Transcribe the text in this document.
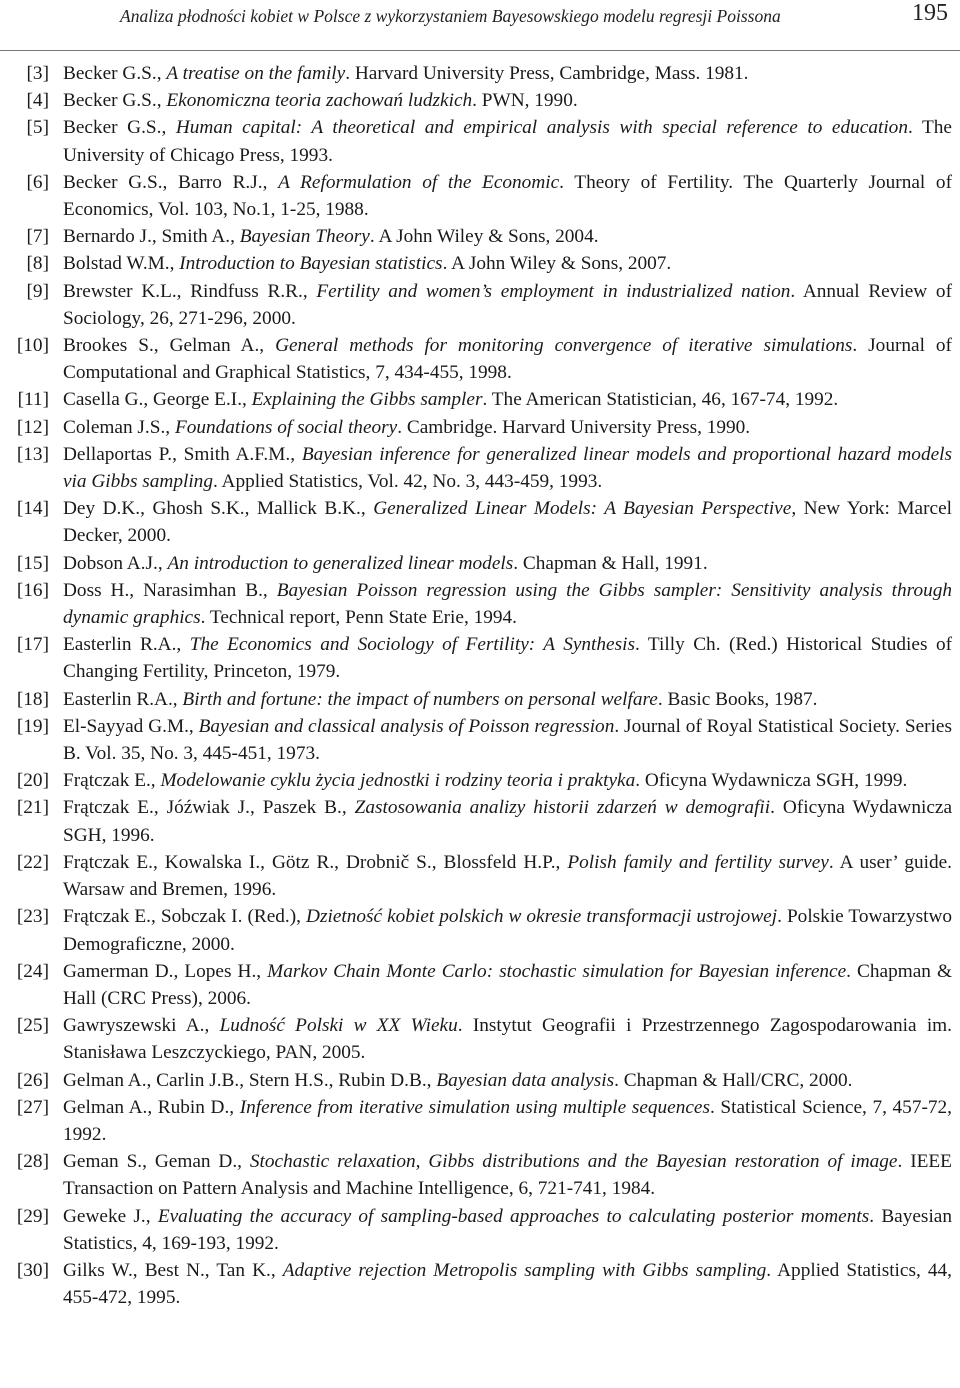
Analiza płodności kobiet w Polsce z wykorzystaniem Bayesowskiego modelu regresji Poissona	195
[3] Becker G.S., A treatise on the family. Harvard University Press, Cambridge, Mass. 1981.
[4] Becker G.S., Ekonomiczna teoria zachowań ludzkich. PWN, 1990.
[5] Becker G.S., Human capital: A theoretical and empirical analysis with special reference to education. The University of Chicago Press, 1993.
[6] Becker G.S., Barro R.J., A Reformulation of the Economic. Theory of Fertility. The Quarterly Journal of Economics, Vol. 103, No.1, 1-25, 1988.
[7] Bernardo J., Smith A., Bayesian Theory. A John Wiley & Sons, 2004.
[8] Bolstad W.M., Introduction to Bayesian statistics. A John Wiley & Sons, 2007.
[9] Brewster K.L., Rindfuss R.R., Fertility and women’s employment in industrialized nation. Annual Review of Sociology, 26, 271-296, 2000.
[10] Brookes S., Gelman A., General methods for monitoring convergence of iterative simulations. Journal of Computational and Graphical Statistics, 7, 434-455, 1998.
[11] Casella G., George E.I., Explaining the Gibbs sampler. The American Statistician, 46, 167-74, 1992.
[12] Coleman J.S., Foundations of social theory. Cambridge. Harvard University Press, 1990.
[13] Dellaportas P., Smith A.F.M., Bayesian inference for generalized linear models and proportional hazard models via Gibbs sampling. Applied Statistics, Vol. 42, No. 3, 443-459, 1993.
[14] Dey D.K., Ghosh S.K., Mallick B.K., Generalized Linear Models: A Bayesian Perspective, New York: Marcel Decker, 2000.
[15] Dobson A.J., An introduction to generalized linear models. Chapman & Hall, 1991.
[16] Doss H., Narasimhan B., Bayesian Poisson regression using the Gibbs sampler: Sensitivity analysis through dynamic graphics. Technical report, Penn State Erie, 1994.
[17] Easterlin R.A., The Economics and Sociology of Fertility: A Synthesis. Tilly Ch. (Red.) Historical Studies of Changing Fertility, Princeton, 1979.
[18] Easterlin R.A., Birth and fortune: the impact of numbers on personal welfare. Basic Books, 1987.
[19] El-Sayyad G.M., Bayesian and classical analysis of Poisson regression. Journal of Royal Statistical Society. Series B. Vol. 35, No. 3, 445-451, 1973.
[20] Frątczak E., Modelowanie cyklu życia jednostki i rodziny teoria i praktyka. Oficyna Wydawnicza SGH, 1999.
[21] Frątczak E., Jóźwiak J., Paszek B., Zastosowania analizy historii zdarzeń w demografii. Oficyna Wydawnicza SGH, 1996.
[22] Frątczak E., Kowalska I., Götz R., Drobnič S., Blossfeld H.P., Polish family and fertility survey. A user’ guide. Warsaw and Bremen, 1996.
[23] Frątczak E., Sobczak I. (Red.), Dzietność kobiet polskich w okresie transformacji ustrojowej. Polskie Towarzystwo Demograficzne, 2000.
[24] Gamerman D., Lopes H., Markov Chain Monte Carlo: stochastic simulation for Bayesian inference. Chapman & Hall (CRC Press), 2006.
[25] Gawryszewski A., Ludność Polski w XX Wieku. Instytut Geografii i Przestrzennego Zagospodarowania im. Stanisława Leszczyckiego, PAN, 2005.
[26] Gelman A., Carlin J.B., Stern H.S., Rubin D.B., Bayesian data analysis. Chapman & Hall/CRC, 2000.
[27] Gelman A., Rubin D., Inference from iterative simulation using multiple sequences. Statistical Science, 7, 457-72, 1992.
[28] Geman S., Geman D., Stochastic relaxation, Gibbs distributions and the Bayesian restoration of image. IEEE Transaction on Pattern Analysis and Machine Intelligence, 6, 721-741, 1984.
[29] Geweke J., Evaluating the accuracy of sampling-based approaches to calculating posterior moments. Bayesian Statistics, 4, 169-193, 1992.
[30] Gilks W., Best N., Tan K., Adaptive rejection Metropolis sampling with Gibbs sampling. Applied Statistics, 44, 455-472, 1995.
